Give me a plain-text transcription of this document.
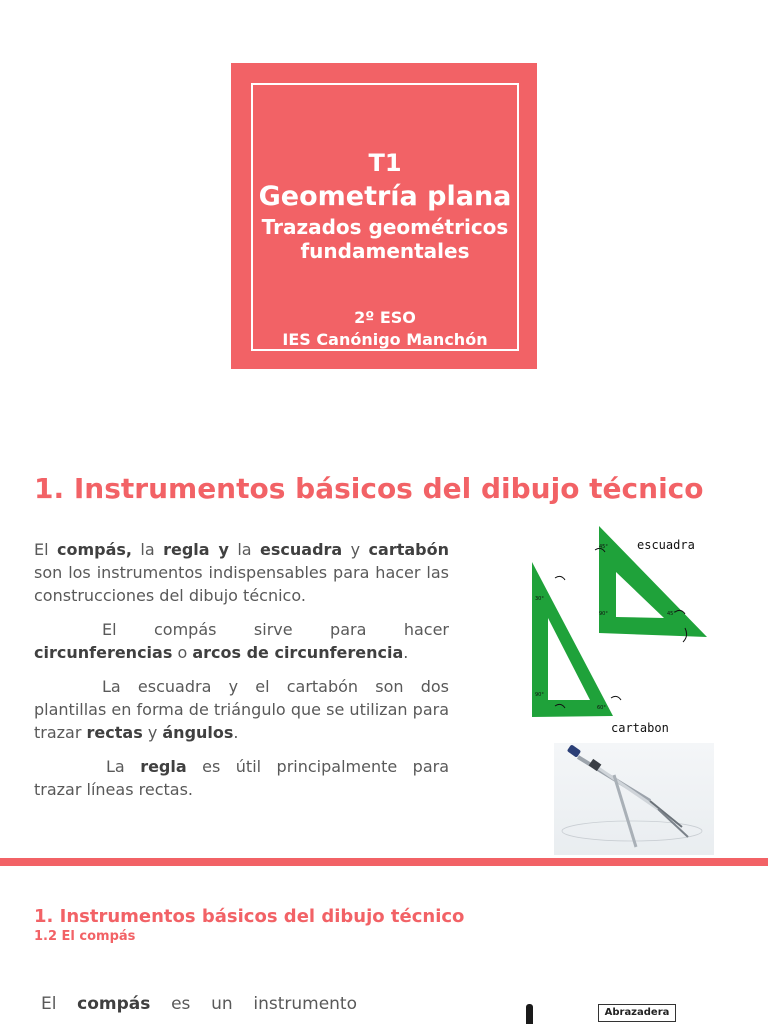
T1
Geometría plana
Trazados geométricos
fundamentales
2º ESO
IES Canónigo Manchón
1. Instrumentos básicos del dibujo técnico

El compás, la regla y la escuadra y cartabón son los instrumentos indispensables para hacer las construcciones del dibujo técnico.

El compás sirve para hacer circunferencias o arcos de circunferencia.

La escuadra y el cartabón son dos plantillas en forma de triángulo que se utilizan para trazar rectas y ángulos.

La regla es útil principalmente para trazar líneas rectas.

escuadra
cartabon
45°
90°	45°
30°
90°
60°
1. Instrumentos básicos del dibujo técnico
1.2 El compás
El compás es un instrumento	Abrazadera
